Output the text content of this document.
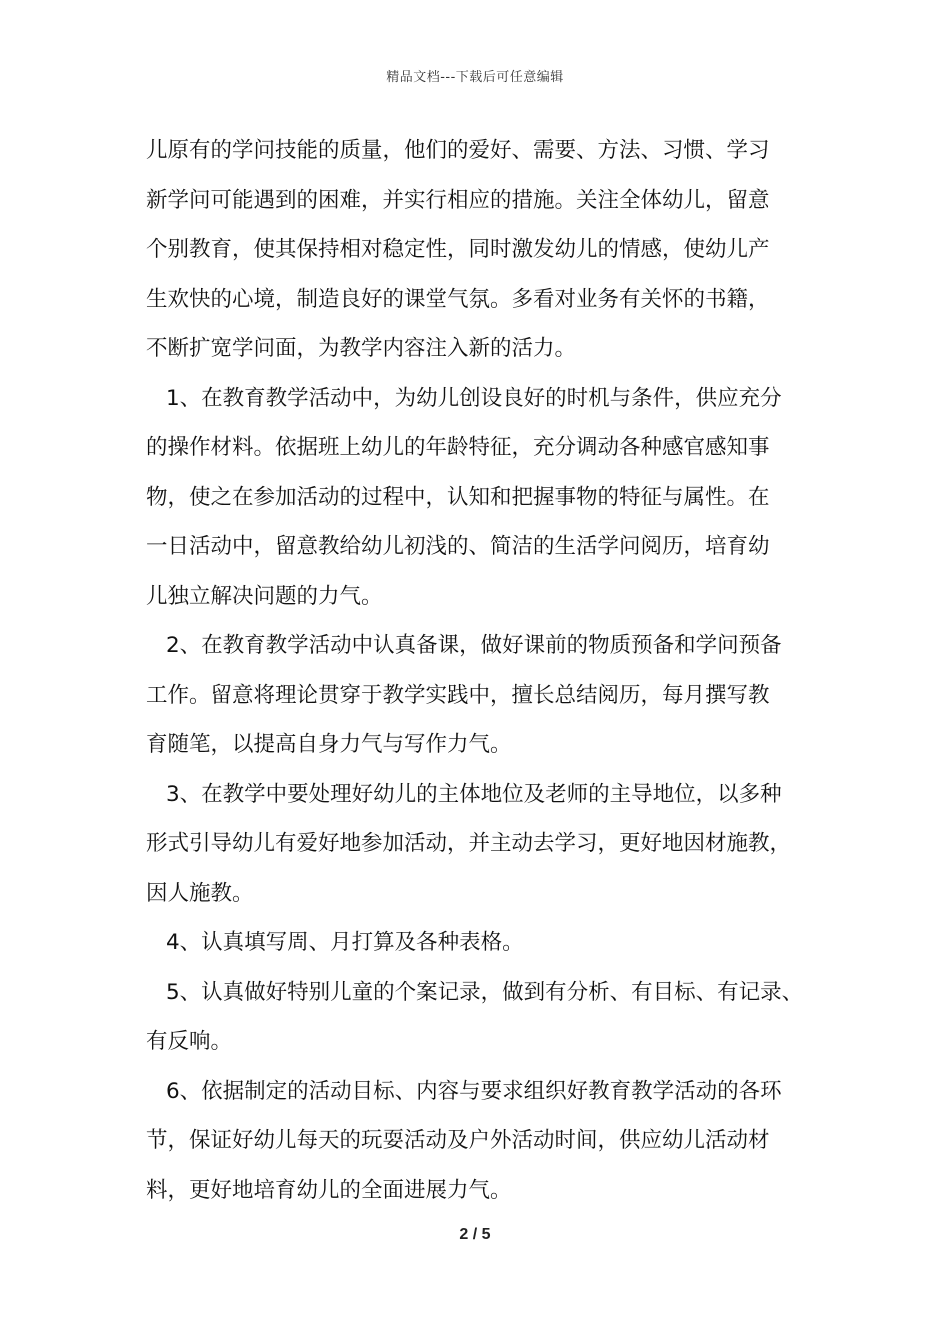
精品文档---下载后可任意编辑
儿原有的学问技能的质量，他们的爱好、需要、方法、习惯、学习
新学问可能遇到的困难，并实行相应的措施。关注全体幼儿，留意
个别教育，使其保持相对稳定性，同时激发幼儿的情感，使幼儿产
生欢快的心境，制造良好的课堂气氛。多看对业务有关怀的书籍，
不断扩宽学问面，为教学内容注入新的活力。
1、在教育教学活动中，为幼儿创设良好的时机与条件，供应充分
的操作材料。依据班上幼儿的年龄特征，充分调动各种感官感知事
物，使之在参加活动的过程中，认知和把握事物的特征与属性。在
一日活动中，留意教给幼儿初浅的、简洁的生活学问阅历，培育幼
儿独立解决问题的力气。
2、在教育教学活动中认真备课，做好课前的物质预备和学问预备
工作。留意将理论贯穿于教学实践中，擅长总结阅历，每月撰写教
育随笔，以提高自身力气与写作力气。
3、在教学中要处理好幼儿的主体地位及老师的主导地位，以多种
形式引导幼儿有爱好地参加活动，并主动去学习，更好地因材施教，
因人施教。
4、认真填写周、月打算及各种表格。
5、认真做好特别儿童的个案记录，做到有分析、有目标、有记录、
有反响。
6、依据制定的活动目标、内容与要求组织好教育教学活动的各环
节，保证好幼儿每天的玩耍活动及户外活动时间，供应幼儿活动材
料，更好地培育幼儿的全面进展力气。
2 / 5
